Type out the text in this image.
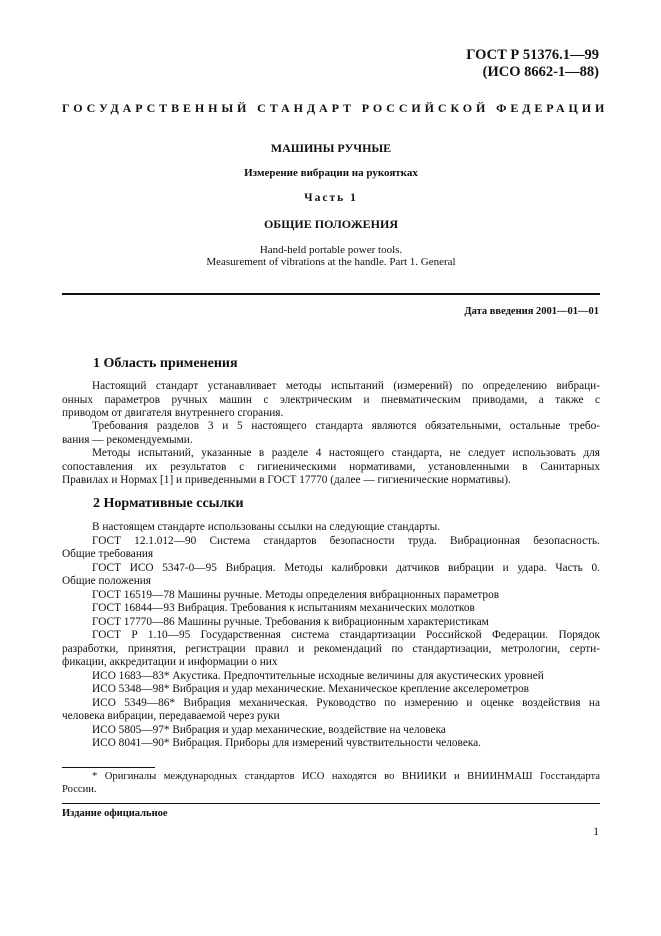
ГОСТ Р 51376.1—99
(ИСО 8662-1—88)
ГОСУДАРСТВЕННЫЙ СТАНДАРТ РОССИЙСКОЙ ФЕДЕРАЦИИ
МАШИНЫ РУЧНЫЕ
Измерение вибрации на рукоятках
Часть 1
ОБЩИЕ ПОЛОЖЕНИЯ
Hand-held portable power tools.
Measurement of vibrations at the handle. Part 1. General
Дата введения 2001—01—01
1 Область применения
Настоящий стандарт устанавливает методы испытаний (измерений) по определению вибраци-
онных параметров ручных машин с электрическим и пневматическим приводами, а также с
приводом от двигателя внутреннего сгорания.
Требования разделов 3 и 5 настоящего стандарта являются обязательными, остальные требо-
вания — рекомендуемыми.
Методы испытаний, указанные в разделе 4 настоящего стандарта, не следует использовать для
сопоставления их результатов с гигиеническими нормативами, установленными в Санитарных
Правилах и Нормах [1] и приведенными в ГОСТ 17770 (далее — гигиенические нормативы).
2 Нормативные ссылки
В настоящем стандарте использованы ссылки на следующие стандарты.
ГОСТ 12.1.012—90 Система стандартов безопасности труда. Вибрационная безопасность.
Общие требования
ГОСТ ИСО 5347-0—95 Вибрация. Методы калибровки датчиков вибрации и удара. Часть 0.
Общие положения
ГОСТ 16519—78 Машины ручные. Методы определения вибрационных параметров
ГОСТ 16844—93 Вибрация. Требования к испытаниям механических молотков
ГОСТ 17770—86 Машины ручные. Требования к вибрационным характеристикам
ГОСТ Р 1.10—95 Государственная система стандартизации Российской Федерации. Порядок
разработки, принятия, регистрации правил и рекомендаций по стандартизации, метрологии, серти-
фикации, аккредитации и информации о них
ИСО 1683—83* Акустика. Предпочтительные исходные величины для акустических уровней
ИСО 5348—98* Вибрация и удар механические. Механическое крепление акселерометров
ИСО 5349—86* Вибрация механическая. Руководство по измерению и оценке воздействия на
человека вибрации, передаваемой через руки
ИСО 5805—97* Вибрация и удар механические, воздействие на человека
ИСО 8041—90* Вибрация. Приборы для измерений чувствительности человека.
* Оригиналы международных стандартов ИСО находятся во ВНИИКИ и ВНИИНМАШ Госстандарта
России.
Издание официальное
1
